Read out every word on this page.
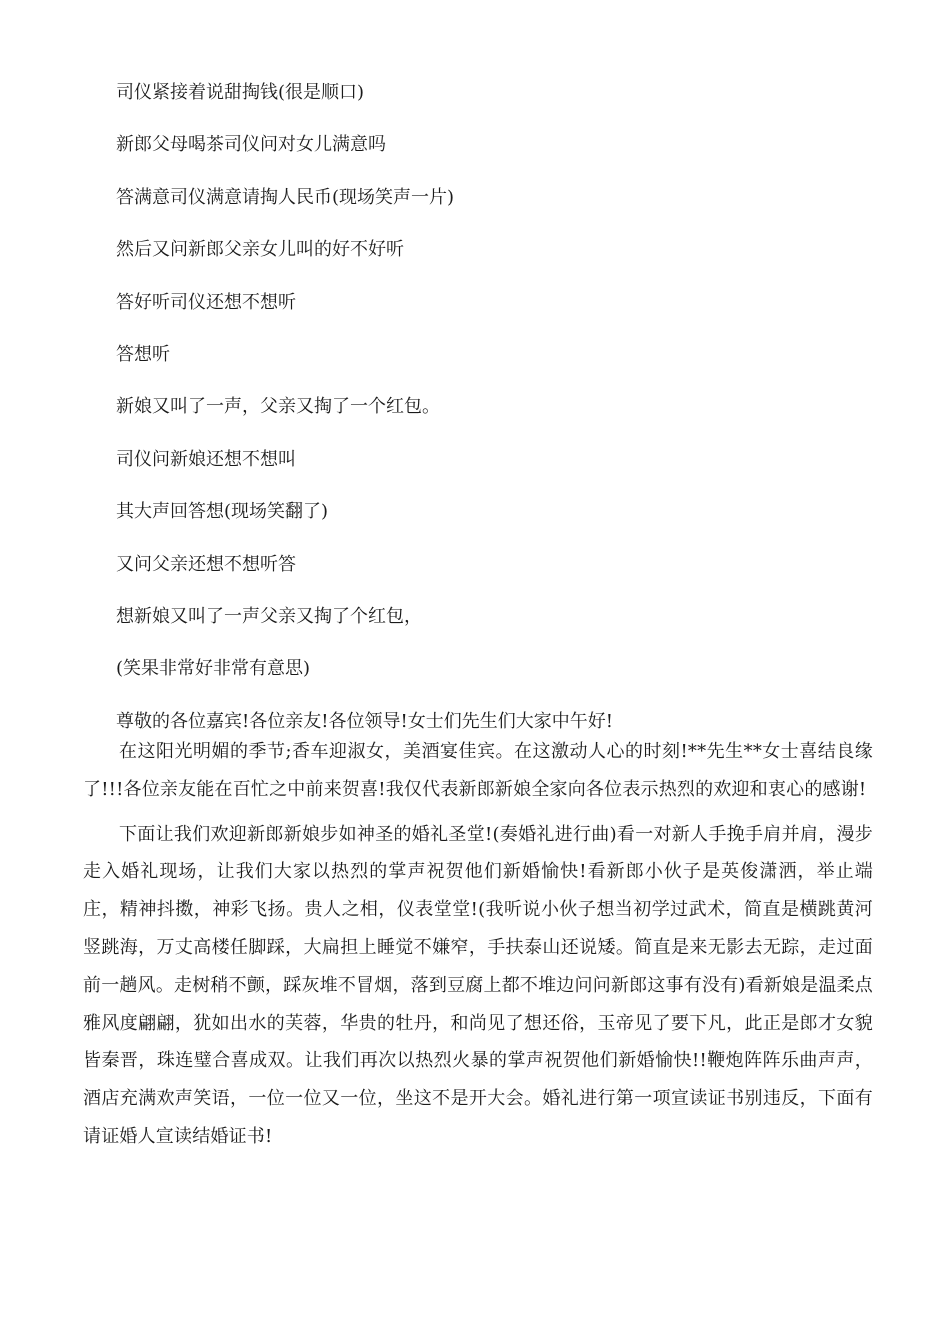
司仪紧接着说甜掏钱(很是顺口)
新郎父母喝茶司仪问对女儿满意吗
答满意司仪满意请掏人民币(现场笑声一片)
然后又问新郎父亲女儿叫的好不好听
答好听司仪还想不想听
答想听
新娘又叫了一声，父亲又掏了一个红包。
司仪问新娘还想不想叫
其大声回答想(现场笑翻了)
又问父亲还想不想听答
想新娘又叫了一声父亲又掏了个红包，
(笑果非常好非常有意思)
尊敬的各位嘉宾!各位亲友!各位领导!女士们先生们大家中午好!

在这阳光明媚的季节;香车迎淑女，美酒宴佳宾。在这激动人心的时刻!**先生**女士喜结良缘了!!!各位亲友能在百忙之中前来贺喜!我仅代表新郎新娘全家向各位表示热烈的欢迎和衷心的感谢!

下面让我们欢迎新郎新娘步如神圣的婚礼圣堂!(奏婚礼进行曲)看一对新人手挽手肩并肩，漫步走入婚礼现场，让我们大家以热烈的掌声祝贺他们新婚愉快!看新郎小伙子是英俊潇洒，举止端庄，精神抖擞，神彩飞扬。贵人之相，仪表堂堂!(我听说小伙子想当初学过武术，简直是横跳黄河竖跳海，万丈高楼任脚踩，大扁担上睡觉不嫌窄，手扶泰山还说矮。简直是来无影去无踪，走过面前一趟风。走树稍不颤，踩灰堆不冒烟，落到豆腐上都不堆边问问新郎这事有没有)看新娘是温柔点雅风度翩翩，犹如出水的芙蓉，华贵的牡丹，和尚见了想还俗，玉帝见了要下凡，此正是郎才女貌皆秦晋，珠连璧合喜成双。让我们再次以热烈火暴的掌声祝贺他们新婚愉快!!鞭炮阵阵乐曲声声，酒店充满欢声笑语，一位一位又一位，坐这不是开大会。婚礼进行第一项宣读证书别违反，下面有请证婚人宣读结婚证书!
